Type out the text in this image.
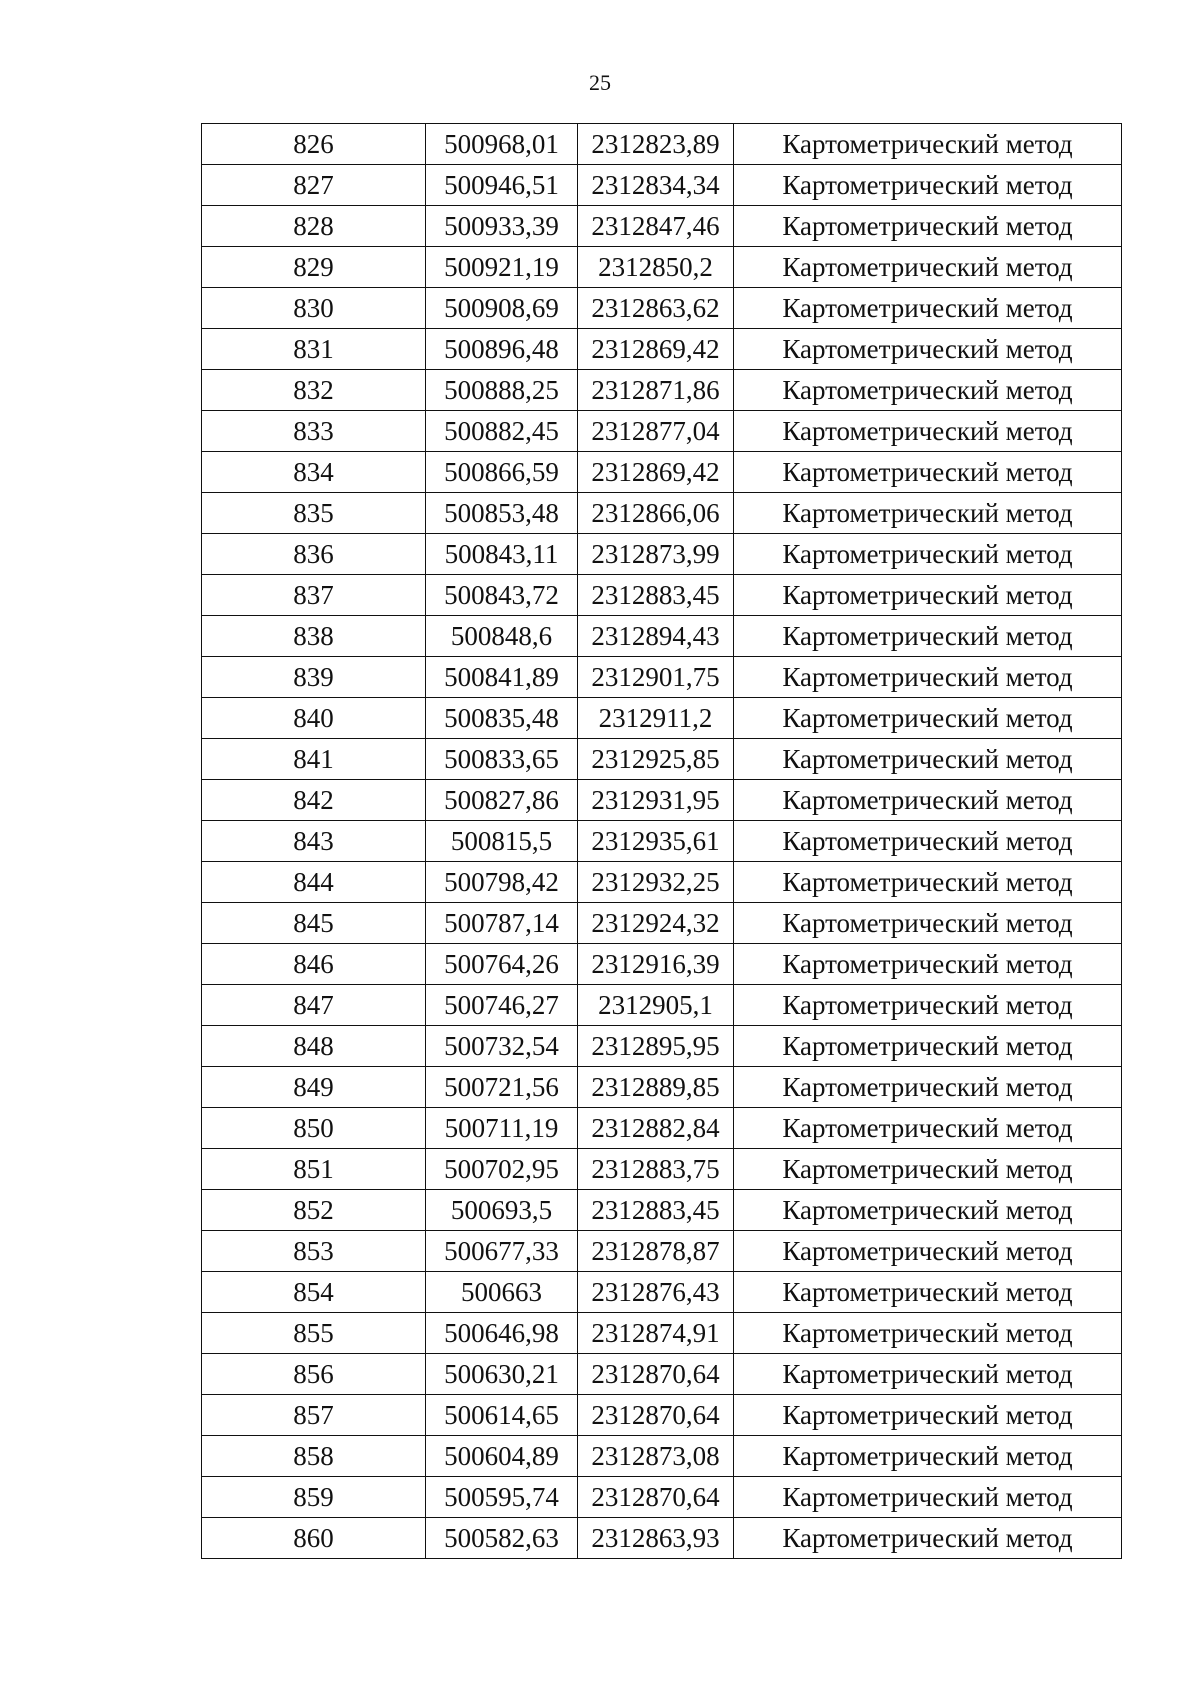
25
826	500968,01	2312823,89	Картометрический метод
827	500946,51	2312834,34	Картометрический метод
828	500933,39	2312847,46	Картометрический метод
829	500921,19	2312850,2	Картометрический метод
830	500908,69	2312863,62	Картометрический метод
831	500896,48	2312869,42	Картометрический метод
832	500888,25	2312871,86	Картометрический метод
833	500882,45	2312877,04	Картометрический метод
834	500866,59	2312869,42	Картометрический метод
835	500853,48	2312866,06	Картометрический метод
836	500843,11	2312873,99	Картометрический метод
837	500843,72	2312883,45	Картометрический метод
838	500848,6	2312894,43	Картометрический метод
839	500841,89	2312901,75	Картометрический метод
840	500835,48	2312911,2	Картометрический метод
841	500833,65	2312925,85	Картометрический метод
842	500827,86	2312931,95	Картометрический метод
843	500815,5	2312935,61	Картометрический метод
844	500798,42	2312932,25	Картометрический метод
845	500787,14	2312924,32	Картометрический метод
846	500764,26	2312916,39	Картометрический метод
847	500746,27	2312905,1	Картометрический метод
848	500732,54	2312895,95	Картометрический метод
849	500721,56	2312889,85	Картометрический метод
850	500711,19	2312882,84	Картометрический метод
851	500702,95	2312883,75	Картометрический метод
852	500693,5	2312883,45	Картометрический метод
853	500677,33	2312878,87	Картометрический метод
854	500663	2312876,43	Картометрический метод
855	500646,98	2312874,91	Картометрический метод
856	500630,21	2312870,64	Картометрический метод
857	500614,65	2312870,64	Картометрический метод
858	500604,89	2312873,08	Картометрический метод
859	500595,74	2312870,64	Картометрический метод
860	500582,63	2312863,93	Картометрический метод
